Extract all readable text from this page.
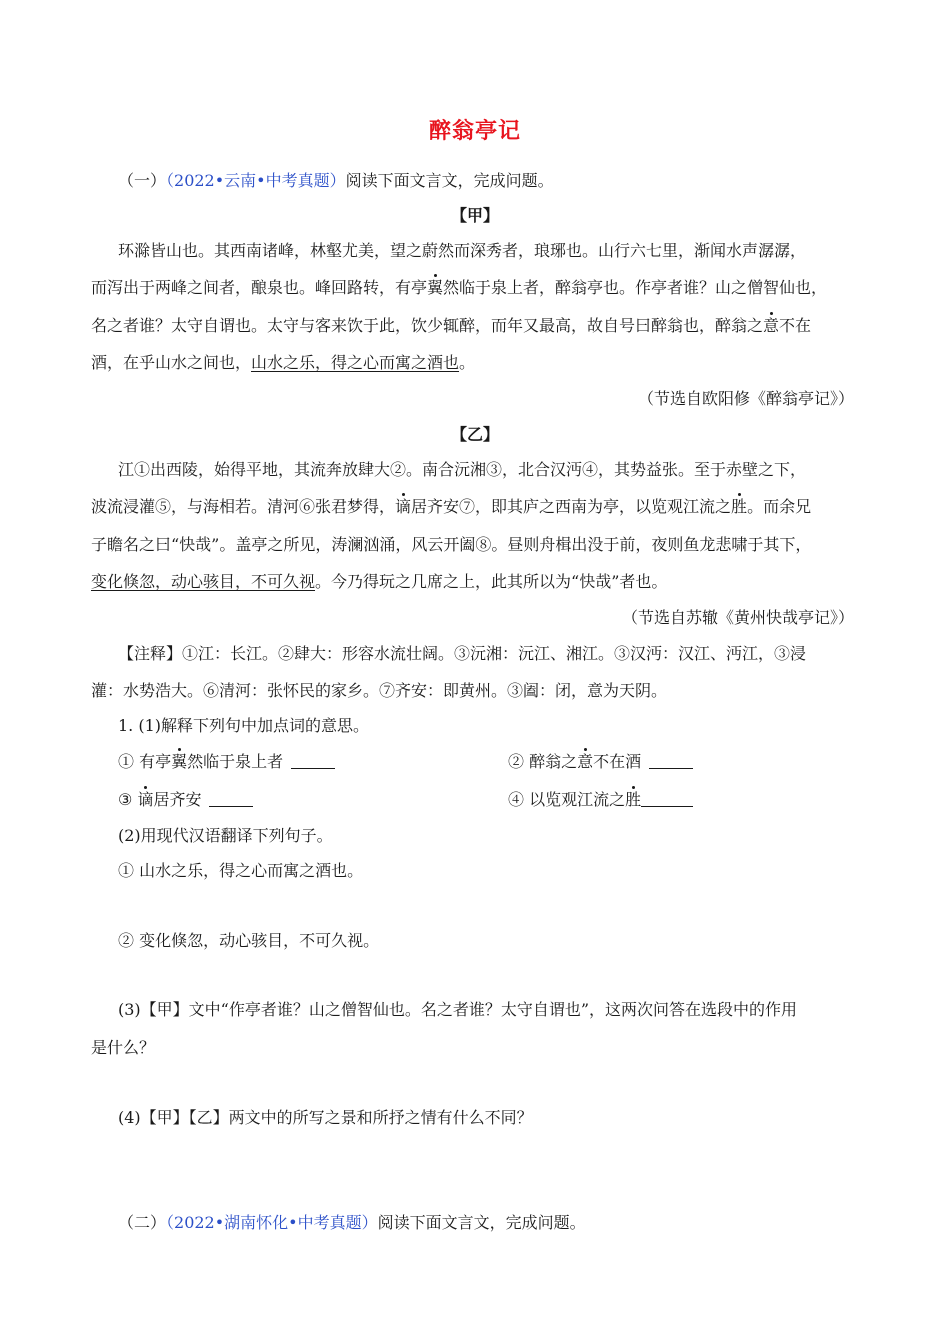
醉翁亭记
（一）（2022•云南•中考真题）阅读下面文言文，完成问题。
【甲】
环滁皆山也。其西南诸峰，林壑尤美，望之蔚然而深秀者，琅琊也。山行六七里，渐闻水声潺潺，
而泻出于两峰之间者，酿泉也。峰回路转，有亭翼然临于泉上者，醉翁亭也。作亭者谁？山之僧智仙也，
名之者谁？太守自谓也。太守与客来饮于此，饮少辄醉，而年又最高，故自号曰醉翁也，醉翁之意不在
酒，在乎山水之间也，山水之乐，得之心而寓之酒也。
（节选自欧阳修《醉翁亭记》）
【乙】
江①出西陵，始得平地，其流奔放肆大②。南合沅湘③，北合汉沔④，其势益张。至于赤壁之下，
波流浸灌⑤，与海相若。清河⑥张君梦得，谪居齐安⑦，即其庐之西南为亭，以览观江流之胜。而余兄
子瞻名之曰“快哉”。盖亭之所见，涛澜汹涌，风云开阖⑧。昼则舟楫出没于前，夜则鱼龙悲啸于其下，
变化倏忽，动心骇目，不可久视。今乃得玩之几席之上，此其所以为“快哉”者也。
（节选自苏辙《黄州快哉亭记》）
【注释】①江：长江。②肆大：形容水流壮阔。③沅湘：沅江、湘江。③汉沔：汉江、沔江，③浸
灌：水势浩大。⑥清河：张怀民的家乡。⑦齐安：即黄州。③阖：闭，意为天阴。
1. (1)解释下列句中加点词的意思。
① 有亭翼然临于泉上者	② 醉翁之意不在酒
③ 谪居齐安	④ 以览观江流之胜
(2)用现代汉语翻译下列句子。
① 山水之乐，得之心而寓之酒也。
② 变化倏忽，动心骇目，不可久视。
(3)【甲】文中“作亭者谁？山之僧智仙也。名之者谁？太守自谓也”，这两次问答在选段中的作用
是什么？
(4)【甲】【乙】两文中的所写之景和所抒之情有什么不同？
（二）（2022•湖南怀化•中考真题）阅读下面文言文，完成问题。
